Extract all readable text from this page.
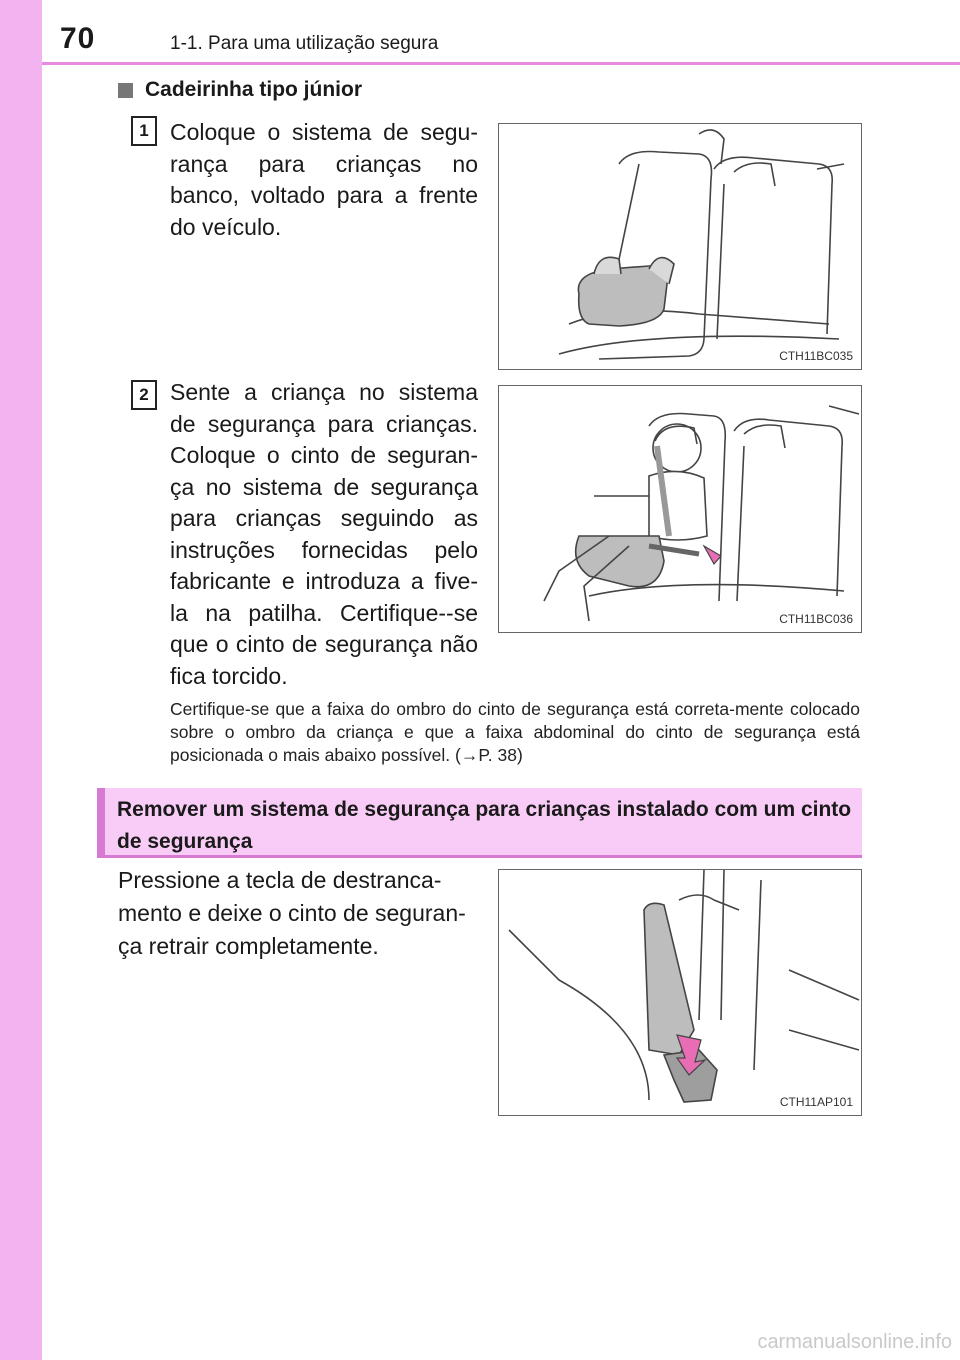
70	1-1. Para uma utilização segura
Cadeirinha tipo júnior
1 Coloque o sistema de segu-rança para crianças no banco, voltado para a frente do veículo.
CTH11BC035
2 Sente a criança no sistema de segurança para crianças. Coloque o cinto de seguran-ça no sistema de segurança para crianças seguindo as instruções fornecidas pelo fabricante e introduza a five-la na patilha. Certifique--se que o cinto de segurança não fica torcido.
CTH11BC036
Certifique-se que a faixa do ombro do cinto de segurança está correta-mente colocado sobre o ombro da criança e que a faixa abdominal do cinto de segurança está posicionada o mais abaixo possível. (→P. 38)
Remover um sistema de segurança para crianças instalado com um cinto de segurança
Pressione a tecla de destranca-mento e deixe o cinto de seguran-ça retrair completamente.
CTH11AP101
carmanualsonline.info
